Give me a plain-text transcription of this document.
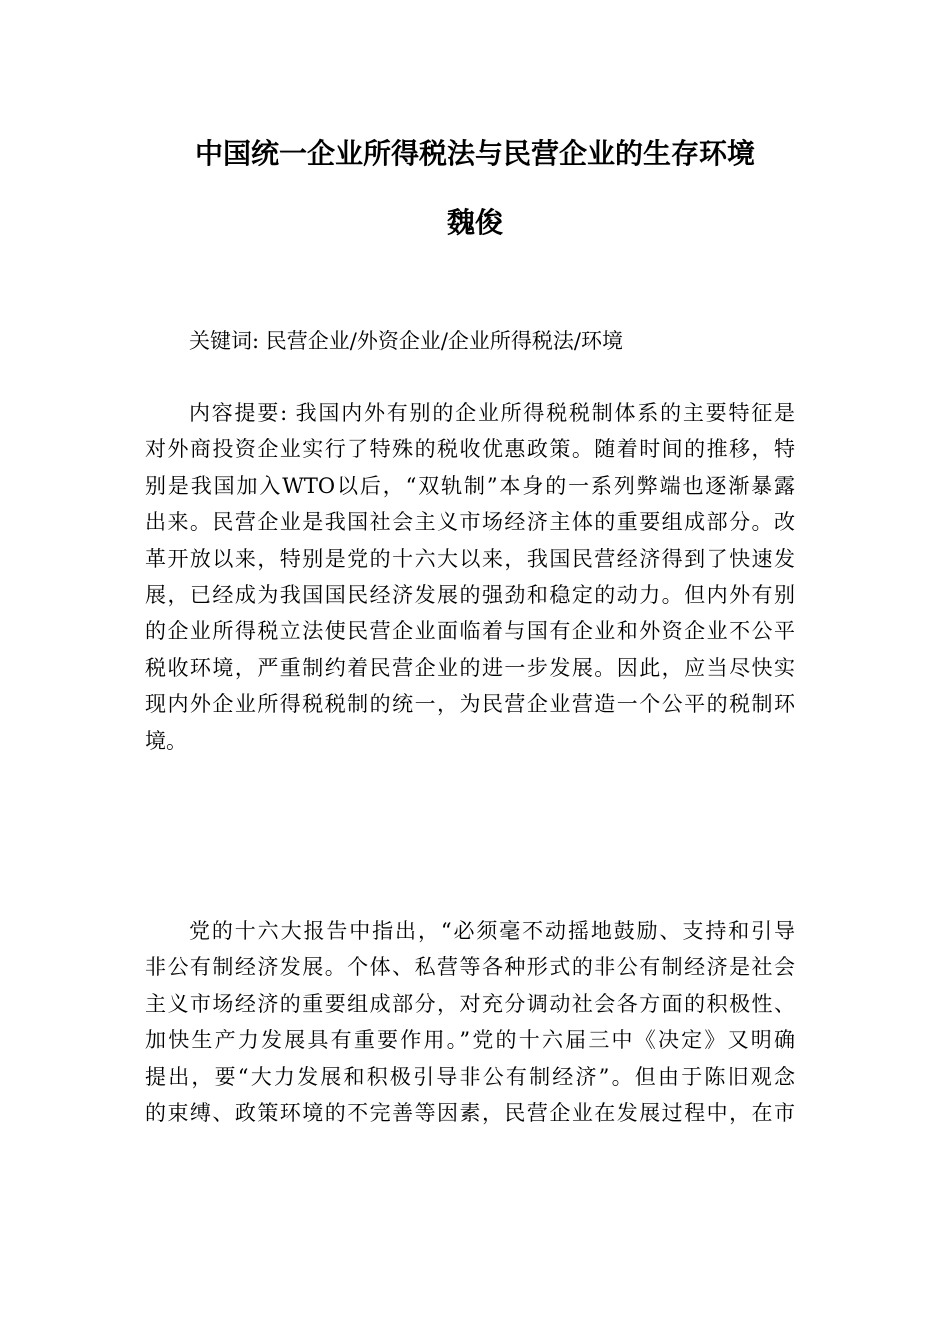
中国统一企业所得税法与民营企业的生存环境
魏俊
关键词: 民营企业/外资企业/企业所得税法/环境
内容提要: 我国内外有别的企业所得税税制体系的主要特征是
对外商投资企业实行了特殊的税收优惠政策。随着时间的推移，特
别是我国加入WTO以后，“双轨制”本身的一系列弊端也逐渐暴露
出来。民营企业是我国社会主义市场经济主体的重要组成部分。改
革开放以来，特别是党的十六大以来，我国民营经济得到了快速发
展，已经成为我国国民经济发展的强劲和稳定的动力。但内外有别
的企业所得税立法使民营企业面临着与国有企业和外资企业不公平
税收环境，严重制约着民营企业的进一步发展。因此，应当尽快实
现内外企业所得税税制的统一，为民营企业营造一个公平的税制环
境。
党的十六大报告中指出，“必须毫不动摇地鼓励、支持和引导
非公有制经济发展。个体、私营等各种形式的非公有制经济是社会
主义市场经济的重要组成部分，对充分调动社会各方面的积极性、
加快生产力发展具有重要作用。”党的十六届三中《决定》又明确
提出，要“大力发展和积极引导非公有制经济”。但由于陈旧观念
的束缚、政策环境的不完善等因素，民营企业在发展过程中，在市
